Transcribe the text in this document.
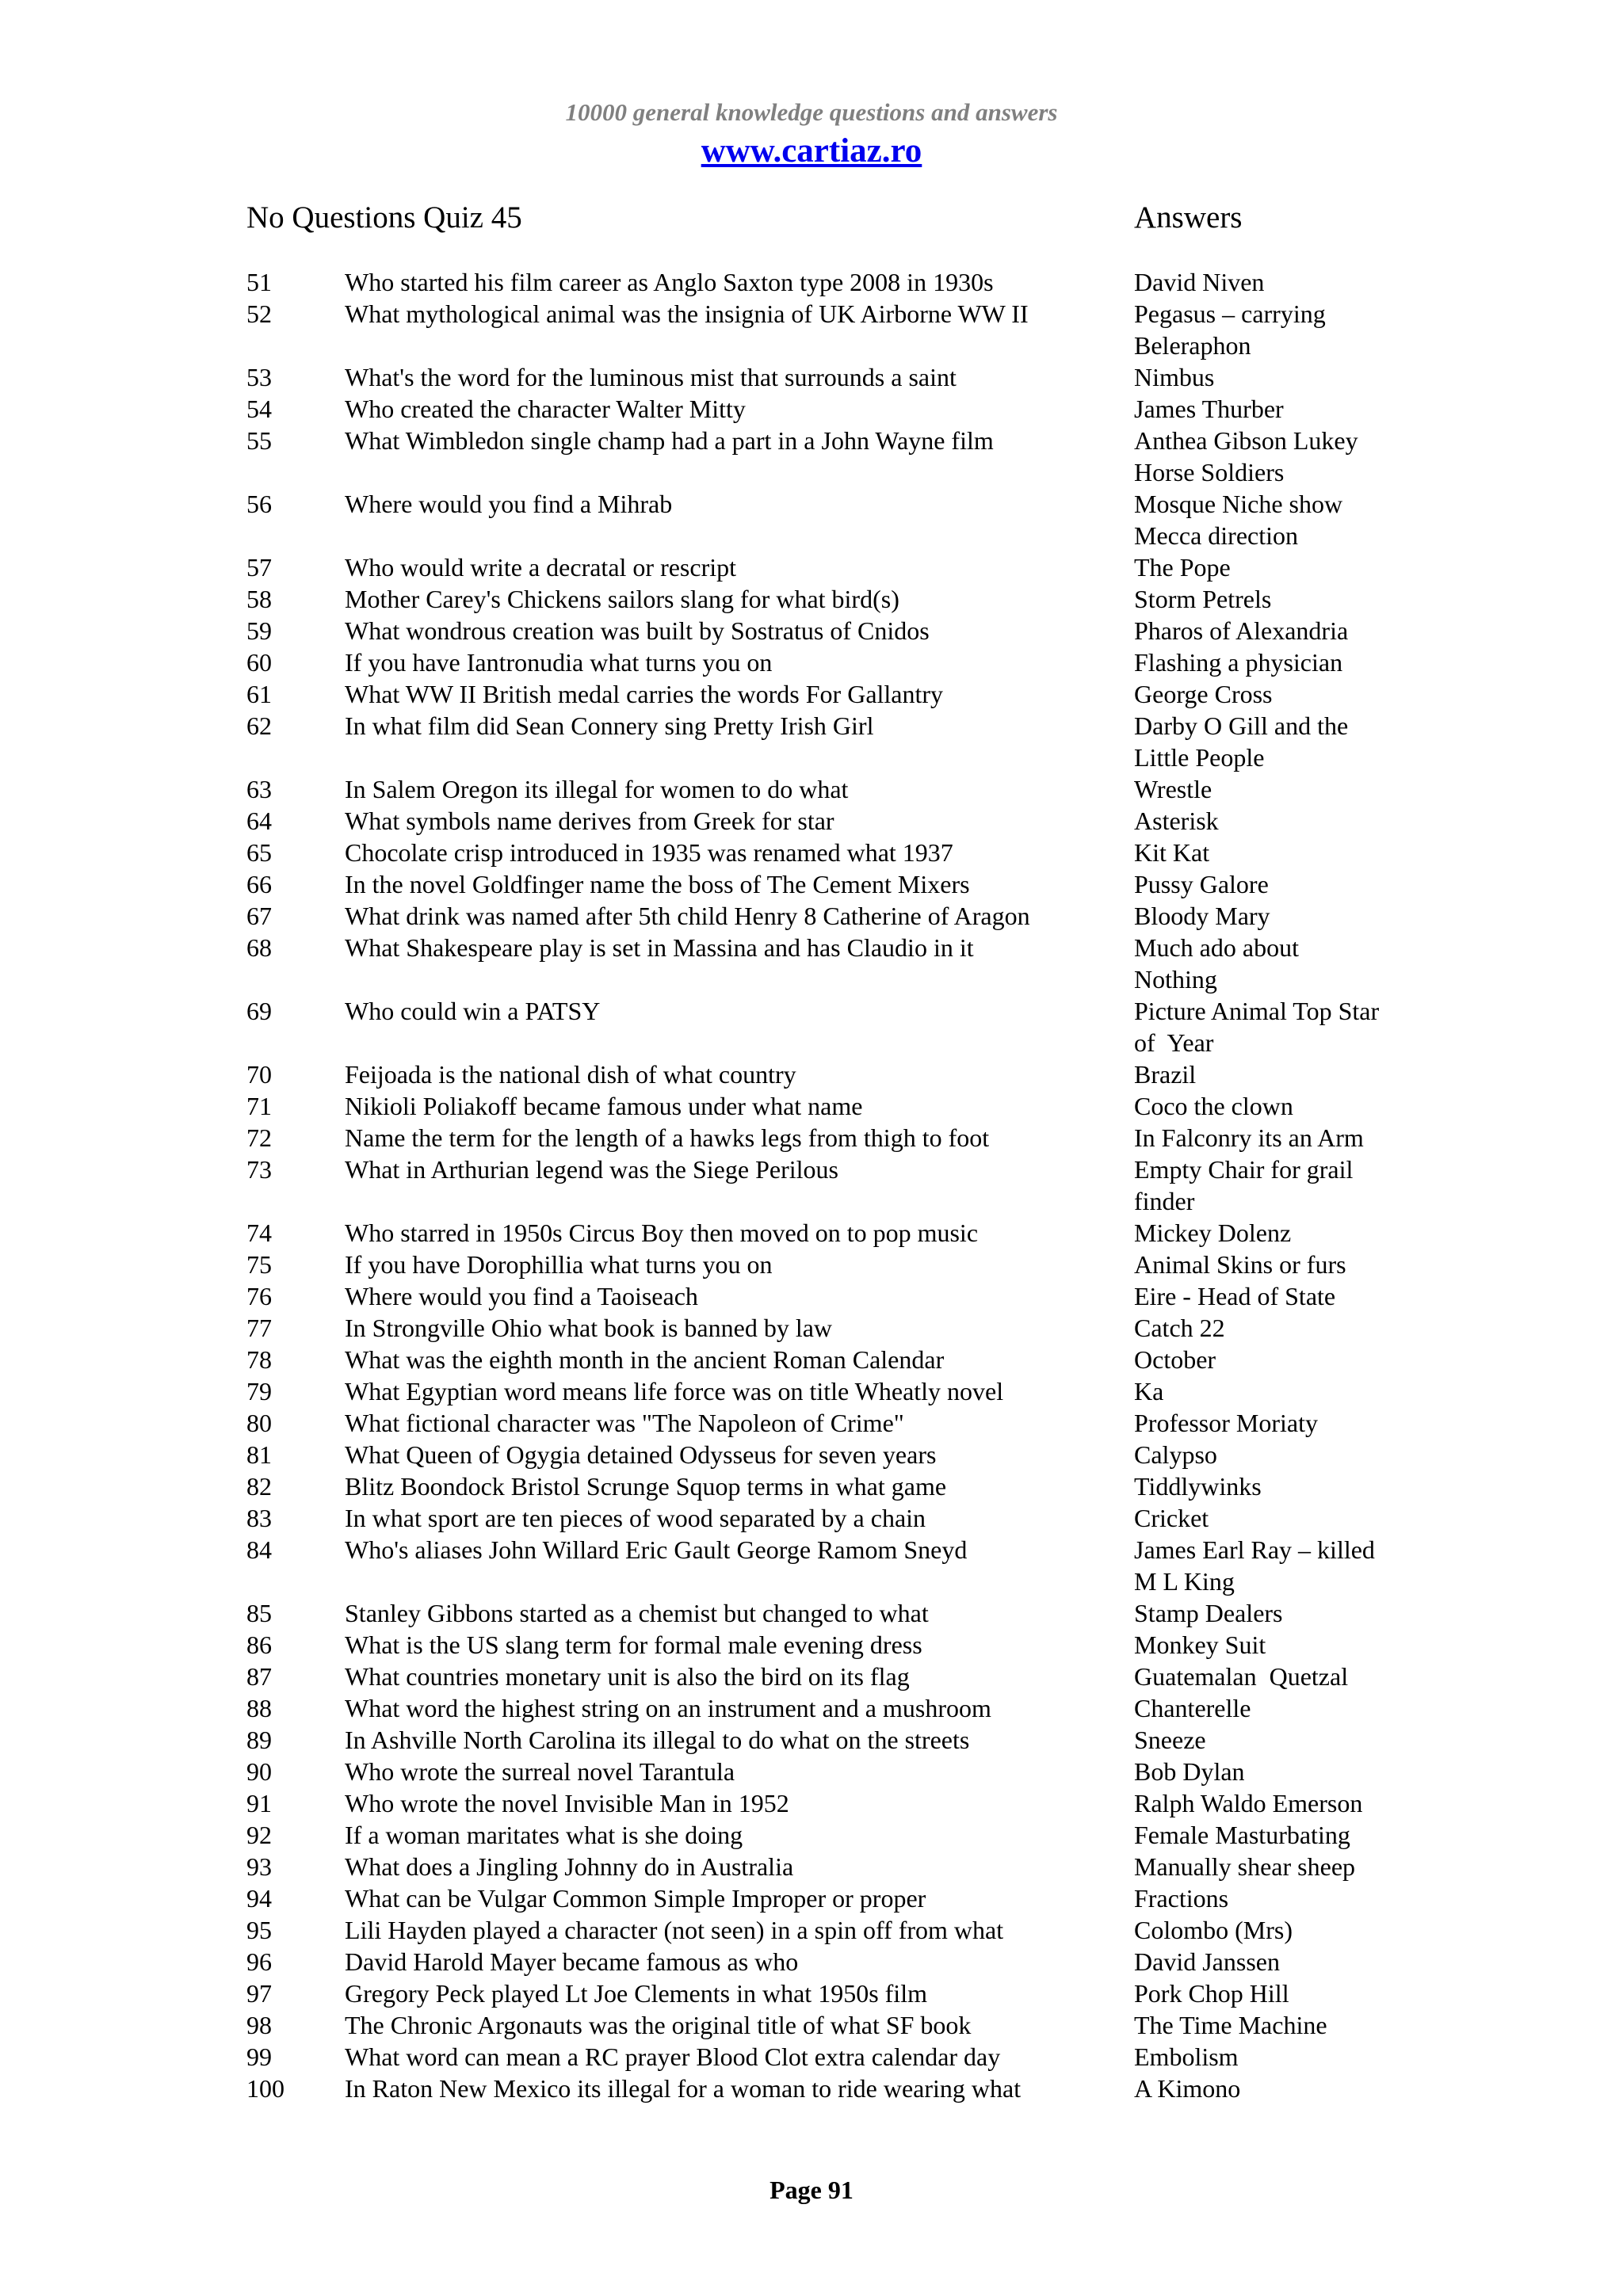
10000 general knowledge questions and answers
www.cartiaz.ro
No Questions Quiz 45	Answers
51	Who started his film career as Anglo Saxton type 2008 in 1930s	David Niven
52	What mythological animal was the insignia of UK Airborne WW II	Pegasus – carrying Beleraphon
53	What's the word for the luminous mist that surrounds a saint	Nimbus
54	Who created the character Walter Mitty	James Thurber
55	What Wimbledon single champ had a part in a John Wayne film	Anthea Gibson Lukey Horse Soldiers
56	Where would you find a Mihrab	Mosque Niche show Mecca direction
57	Who would write a decratal or rescript	The Pope
58	Mother Carey's Chickens sailors slang for what bird(s)	Storm Petrels
59	What wondrous creation was built by Sostratus of Cnidos	Pharos of Alexandria
60	If you have Iantronudia what turns you on	Flashing a physician
61	What WW II British medal carries the words For Gallantry	George Cross
62	In what film did Sean Connery sing Pretty Irish Girl	Darby O Gill and the Little People
63	In Salem Oregon its illegal for women to do what	Wrestle
64	What symbols name derives from Greek for star	Asterisk
65	Chocolate crisp introduced in 1935 was renamed what 1937	Kit Kat
66	In the novel Goldfinger name the boss of The Cement Mixers	Pussy Galore
67	What drink was named after 5th child Henry 8 Catherine of Aragon	Bloody Mary
68	What Shakespeare play is set in Massina and has Claudio in it	Much ado about Nothing
69	Who could win a PATSY	Picture Animal Top Star of  Year
70	Feijoada is the national dish of what country	Brazil
71	Nikioli Poliakoff became famous under what name	Coco the clown
72	Name the term for the length of a hawks legs from thigh to foot	In Falconry its an Arm
73	What in Arthurian legend was the Siege Perilous	Empty Chair for grail finder
74	Who starred in 1950s Circus Boy then moved on to pop music	Mickey Dolenz
75	If you have Dorophillia what turns you on	Animal Skins or furs
76	Where would you find a Taoiseach	Eire - Head of State
77	In Strongville Ohio what book is banned by law	Catch 22
78	What was the eighth month in the ancient Roman Calendar	October
79	What Egyptian word means life force was on title Wheatly novel	Ka
80	What fictional character was "The Napoleon of Crime"	Professor Moriaty
81	What Queen of Ogygia detained Odysseus for seven years	Calypso
82	Blitz Boondock Bristol Scrunge Squop terms in what game	Tiddlywinks
83	In what sport are ten pieces of wood separated by a chain	Cricket
84	Who's aliases John Willard Eric Gault George Ramom Sneyd	James Earl Ray – killed M L King
85	Stanley Gibbons started as a chemist but changed to what	Stamp Dealers
86	What is the US slang term for formal male evening dress	Monkey Suit
87	What countries monetary unit is also the bird on its flag	Guatemalan  Quetzal
88	What word the highest string on an instrument and a mushroom	Chanterelle
89	In Ashville North Carolina its illegal to do what on the streets	Sneeze
90	Who wrote the surreal novel Tarantula	Bob Dylan
91	Who wrote the novel Invisible Man in 1952	Ralph Waldo Emerson
92	If a woman maritates what is she doing	Female Masturbating
93	What does a Jingling Johnny do in Australia	Manually shear sheep
94	What can be Vulgar Common Simple Improper or proper	Fractions
95	Lili Hayden played a character (not seen) in a spin off from what	Colombo (Mrs)
96	David Harold Mayer became famous as who	David Janssen
97	Gregory Peck played Lt Joe Clements in what 1950s film	Pork Chop Hill
98	The Chronic Argonauts was the original title of what SF book	The Time Machine
99	What word can mean a RC prayer Blood Clot extra calendar day	Embolism
100	In Raton New Mexico its illegal for a woman to ride wearing what	A Kimono
Page 91
